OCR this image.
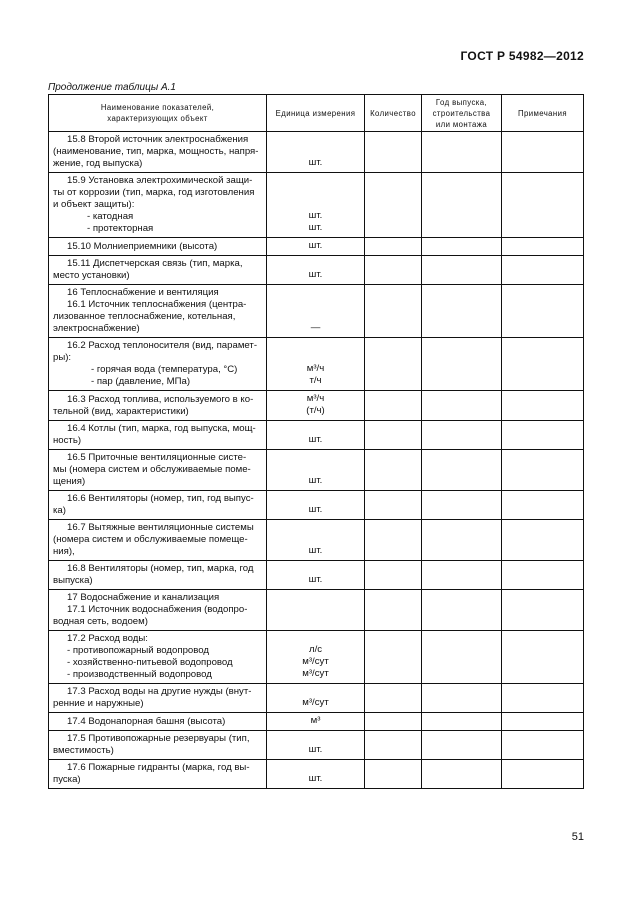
ГОСТ Р 54982—2012
Продолжение таблицы А.1
Наименование показателей,
характеризующих объект	Единица измерения	Количество	Год выпуска,
строительства
или монтажа	Примечания

15.8 Второй источник электроснабжения
(наименование, тип, марка, мощность, напря-
жение, год выпуска)	шт.			

15.9 Установка электрохимической защи-
ты от коррозии (тип, марка, год изготовления
и объект защиты):
- катодная
- протекторная	шт.
шт.			

15.10 Молниеприемники (высота)	шт.			

15.11 Диспетчерская связь (тип, марка,
место установки)	шт.			

16 Теплоснабжение и вентиляция
16.1 Источник теплоснабжения (центра-
лизованное теплоснабжение, котельная,
электроснабжение)	—			

16.2 Расход теплоносителя (вид, парамет-
ры):
- горячая вода (температура, °С)
- пар (давление, МПа)	м³/ч
т/ч			

16.3 Расход топлива, используемого в ко-
тельной (вид, характеристики)	м³/ч
(т/ч)			

16.4 Котлы (тип, марка, год выпуска, мощ-
ность)	шт.			

16.5 Приточные вентиляционные систе-
мы (номера систем и обслуживаемые поме-
щения)	шт.			

16.6 Вентиляторы (номер, тип, год выпус-
ка)	шт.			

16.7 Вытяжные вентиляционные системы
(номера систем и обслуживаемые помеще-
ния),	шт.			

16.8 Вентиляторы (номер, тип, марка, год
выпуска)	шт.			

17 Водоснабжение и канализация
17.1 Источник водоснабжения (водопро-
водная сеть, водоем)				

17.2 Расход воды:
- противопожарный водопровод
- хозяйственно-питьевой водопровод
- производственный водопровод	л/с
м³/сут
м³/сут			

17.3 Расход воды на другие нужды (внут-
ренние и наружные)	м³/сут			

17.4 Водонапорная башня (высота)	м³			

17.5 Противопожарные резервуары (тип,
вместимость)	шт.			

17.6 Пожарные гидранты (марка, год вы-
пуска)	шт.			

51
